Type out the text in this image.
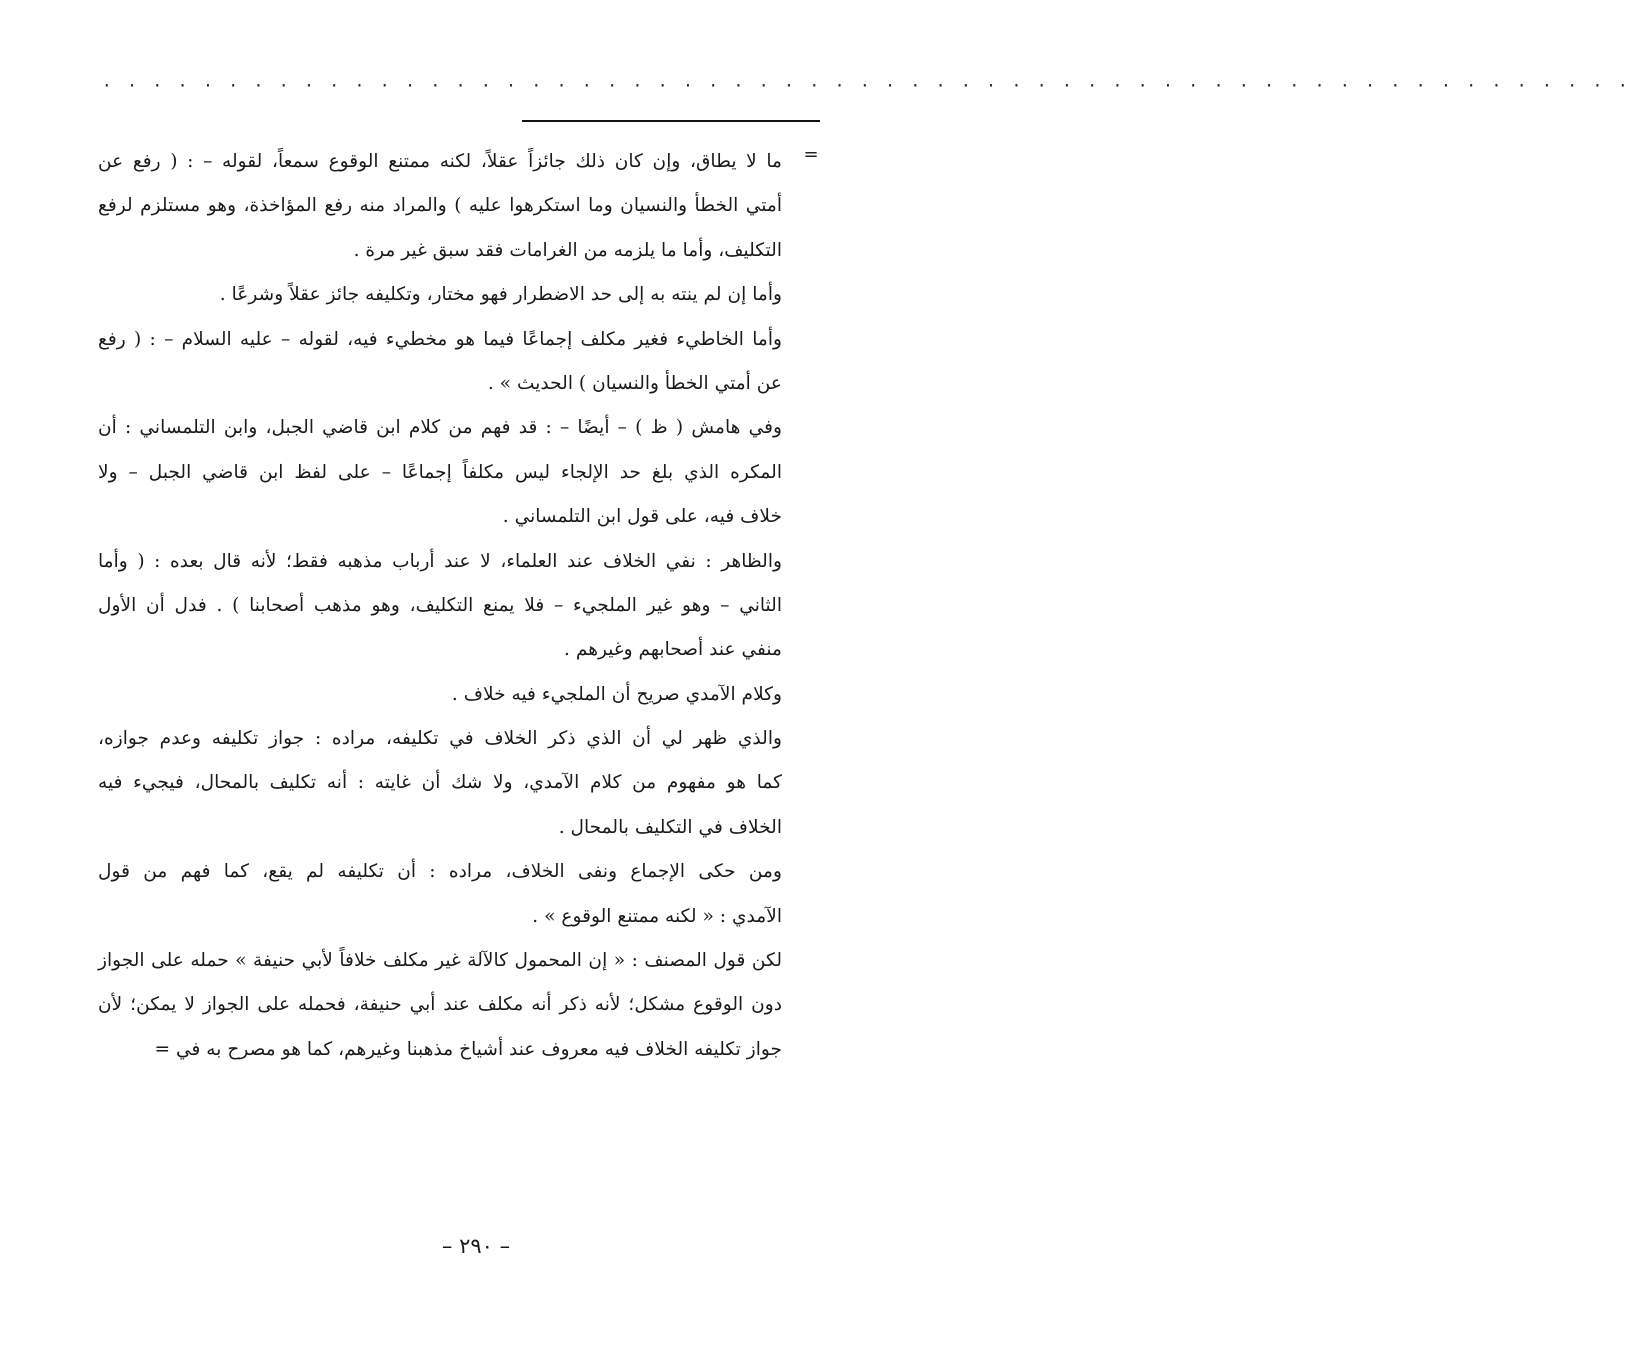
· · · · · · · · · · · · · · · · · · · · · · · · · · · · · · · · · · · · · · · · · · · · · · · · · · · · · · · · · · · · ·
=
ما لا يطاق، وإن كان ذلك جائزاً عقلاً، لكنه ممتنع الوقوع سمعاً، لقوله – : ( رفع عن
أمتي الخطأ والنسيان وما استكرهوا عليه ) والمراد منه رفع المؤاخذة، وهو مستلزم لرفع
التكليف، وأما ما يلزمه من الغرامات فقد سبق غير مرة .
وأما إن لم ينته به إلى حد الاضطرار فهو مختار، وتكليفه جائز عقلاً وشرعًا .
وأما الخاطيء فغير مكلف إجماعًا فيما هو مخطيء فيه، لقوله – عليه السلام – : ( رفع
عن أمتي الخطأ والنسيان ) الحديث » .
وفي هامش ( ظ ) – أيضًا – : قد فهم من كلام ابن قاضي الجبل، وابن التلمساني : أن
المكره الذي بلغ حد الإلجاء ليس مكلفاً إجماعًا – على لفظ ابن قاضي الجبل – ولا
خلاف فيه، على قول ابن التلمساني .
والظاهر : نفي الخلاف عند العلماء، لا عند أرباب مذهبه فقط؛ لأنه قال بعده : ( وأما
الثاني – وهو غير الملجيء – فلا يمنع التكليف، وهو مذهب أصحابنا ) . فدل أن الأول
منفي عند أصحابهم وغيرهم .
وكلام الآمدي صريح أن الملجيء فيه خلاف .
والذي ظهر لي أن الذي ذكر الخلاف في تكليفه، مراده : جواز تكليفه وعدم جوازه،
كما هو مفهوم من كلام الآمدي، ولا شك أن غايته : أنه تكليف بالمحال، فيجيء فيه
الخلاف في التكليف بالمحال .
ومن حكى الإجماع ونفى الخلاف، مراده : أن تكليفه لم يقع، كما فهم من قول
الآمدي : « لكنه ممتنع الوقوع » .
لكن قول المصنف : « إن المحمول كالآلة غير مكلف خلافاً لأبي حنيفة » حمله على الجواز
دون الوقوع مشكل؛ لأنه ذكر أنه مكلف عند أبي حنيفة، فحمله على الجواز لا يمكن؛ لأن
جواز تكليفه الخلاف فيه معروف عند أشياخ مذهبنا وغيرهم، كما هو مصرح به في =
– ٢٩٠ –
